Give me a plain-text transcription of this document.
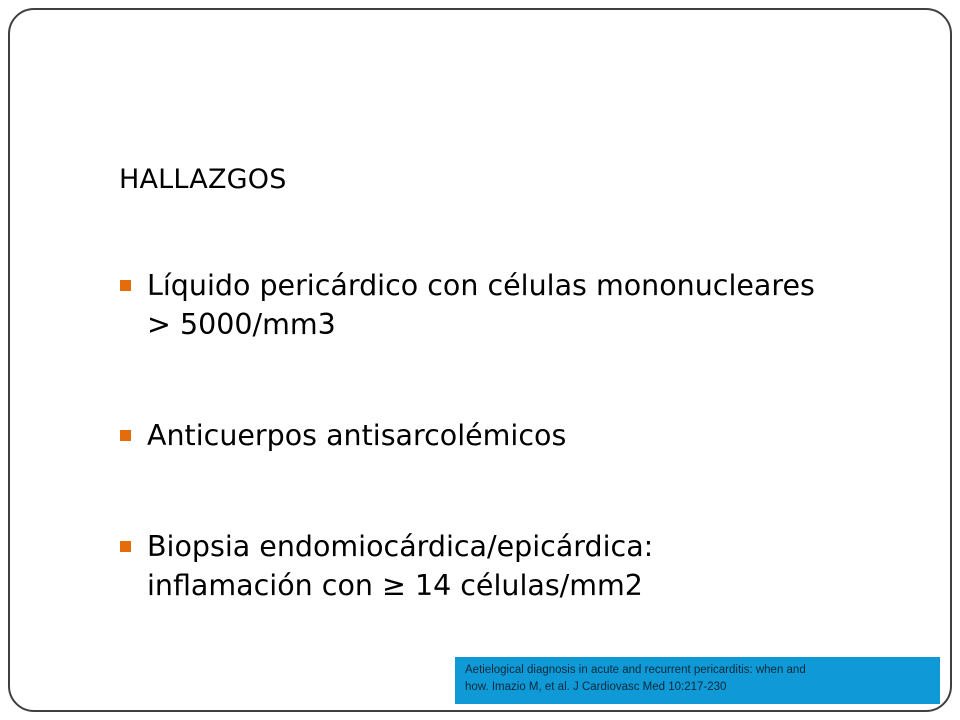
HALLAZGOS
Líquido pericárdico con células mononucleares
> 5000/mm3
Anticuerpos antisarcolémicos
Biopsia endomiocárdica/epicárdica:
inflamación con ≥ 14 células/mm2
Aetielogical diagnosis in acute and recurrent pericarditis: when and
how. Imazio M, et al. J Cardiovasc Med 10:217-230
